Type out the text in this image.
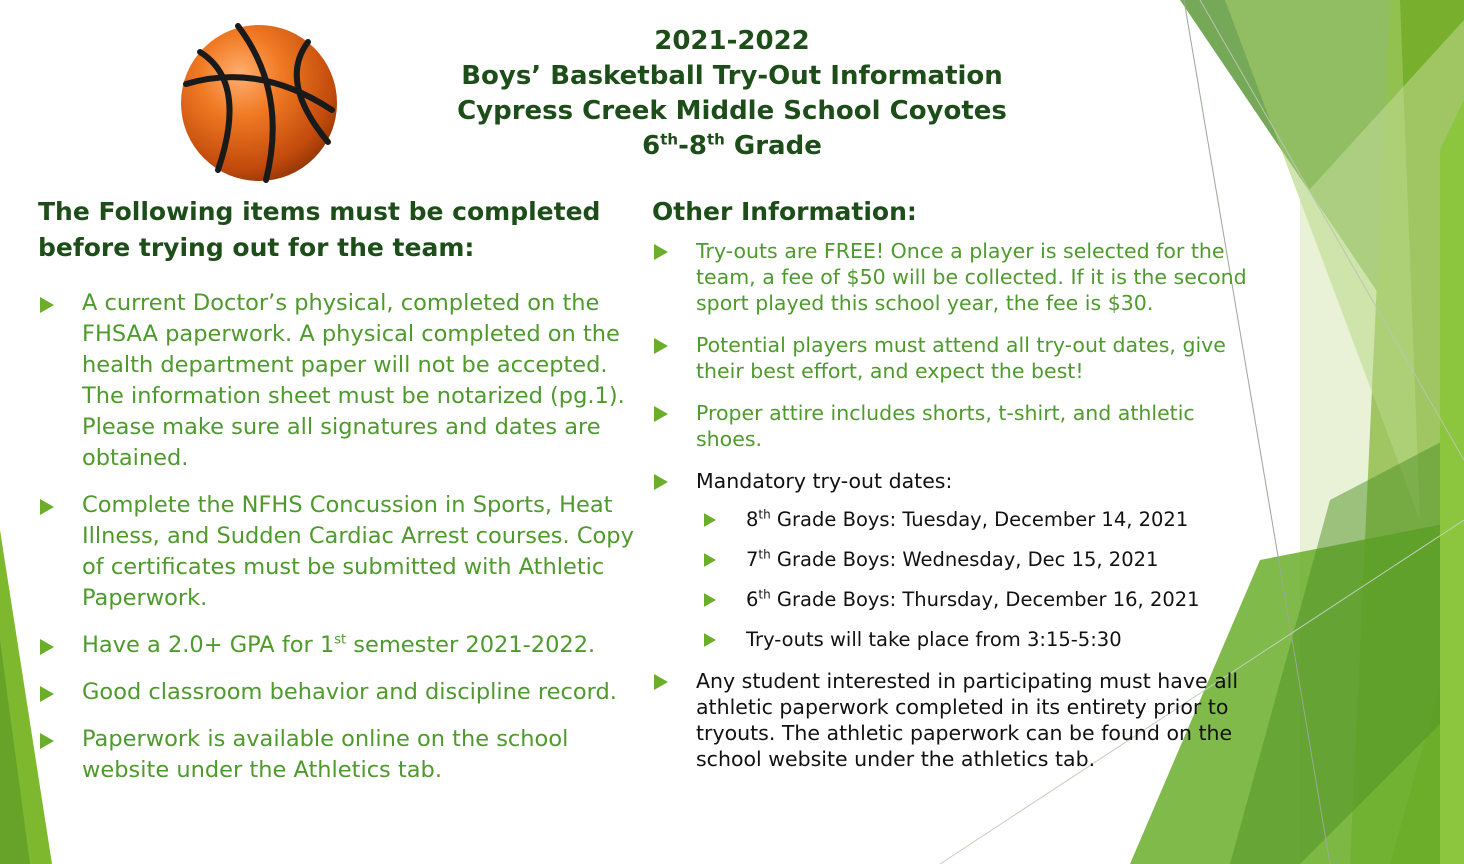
2021-2022
Boys’ Basketball Try-Out Information
Cypress Creek Middle School Coyotes
6th-8th Grade
The Following items must be completed before trying out for the team:
A current Doctor’s physical, completed on the FHSAA paperwork. A physical completed on the health department paper will not be accepted. The information sheet must be notarized (pg.1). Please make sure all signatures and dates are obtained.
Complete the NFHS Concussion in Sports, Heat Illness, and Sudden Cardiac Arrest courses. Copy of certificates must be submitted with Athletic Paperwork.
Have a 2.0+ GPA for 1st semester 2021-2022.
Good classroom behavior and discipline record.
Paperwork is available online on the school website under the Athletics tab.
Other Information:
Try-outs are FREE! Once a player is selected for the team, a fee of $50 will be collected. If it is the second sport played this school year, the fee is $30.
Potential players must attend all try-out dates, give their best effort, and expect the best!
Proper attire includes shorts, t-shirt, and athletic shoes.
Mandatory try-out dates:
8th Grade Boys: Tuesday, December 14, 2021
7th Grade Boys: Wednesday, Dec 15, 2021
6th Grade Boys: Thursday, December 16, 2021
Try-outs will take place from 3:15-5:30
Any student interested in participating must have all athletic paperwork completed in its entirety prior to tryouts. The athletic paperwork can be found on the school website under the athletics tab.
